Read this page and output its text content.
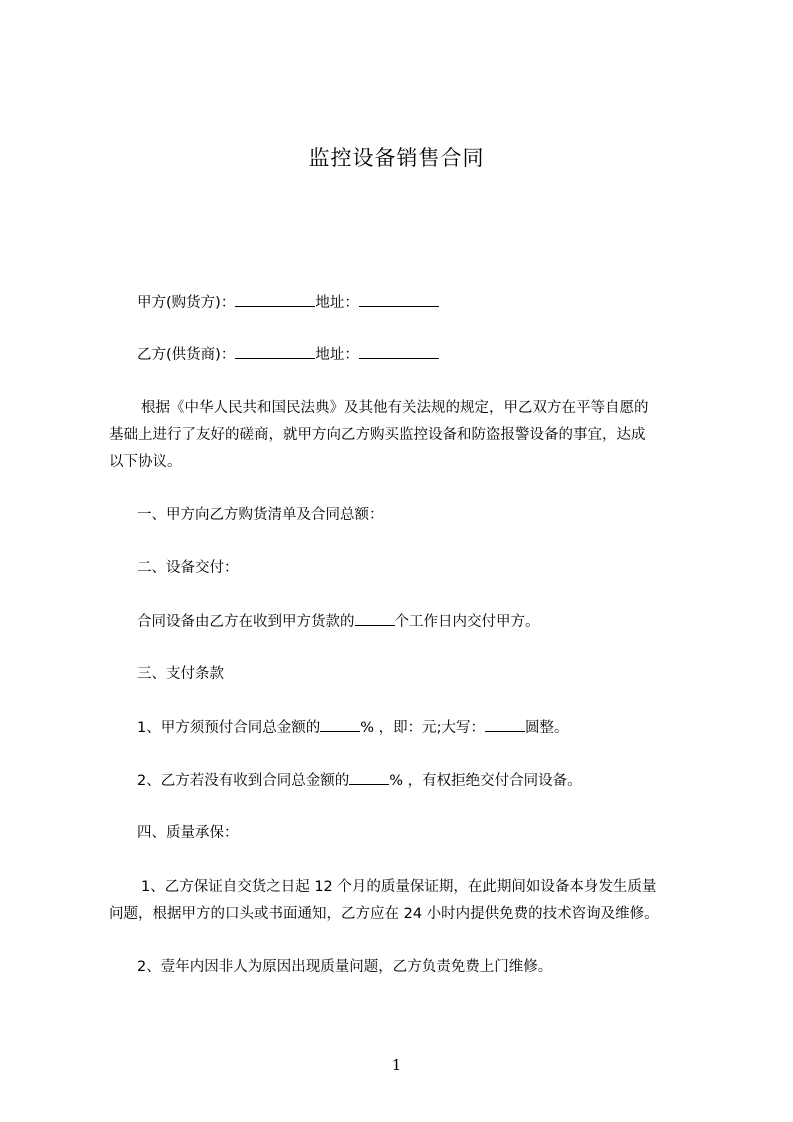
监控设备销售合同
甲方(购货方)：	地址：
乙方(供货商)：	地址：
根据《中华人民共和国民法典》及其他有关法规的规定，甲乙双方在平等自愿的
基础上进行了友好的磋商，就甲方向乙方购买监控设备和防盗报警设备的事宜，达成
以下协议。
一、甲方向乙方购货清单及合同总额：
二、设备交付：
合同设备由乙方在收到甲方货款的	个工作日内交付甲方。
三、支付条款
1、甲方须预付合同总金额的	% ，即：元;大写：	圆整。
2、乙方若没有收到合同总金额的	% ，有权拒绝交付合同设备。
四、质量承保：
1、乙方保证自交货之日起 12 个月的质量保证期，在此期间如设备本身发生质量
问题，根据甲方的口头或书面通知，乙方应在 24 小时内提供免费的技术咨询及维修。
2、壹年内因非人为原因出现质量问题，乙方负责免费上门维修。
1
